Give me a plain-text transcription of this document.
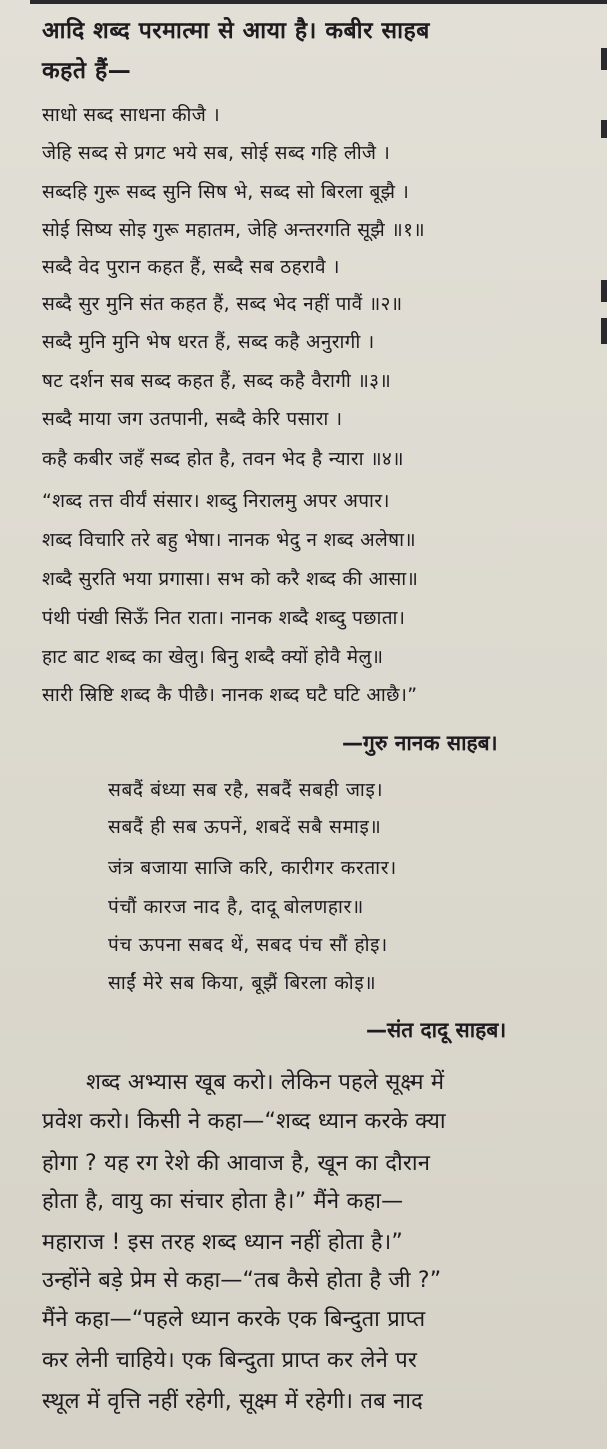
आदि शब्द परमात्मा से आया है। कबीर साहब
कहते हैं—
साधो सब्द साधना कीजै ।
जेहि सब्द से प्रगट भये सब, सोई सब्द गहि लीजै ।
सब्दहि गुरू सब्द सुनि सिष भे, सब्द सो बिरला बूझै ।
सोई सिष्य सोइ गुरू महातम, जेहि अन्तरगति सूझै ॥१॥
सब्दै वेद पुरान कहत हैं, सब्दै सब ठहरावै ।
सब्दै सुर मुनि संत कहत हैं, सब्द भेद नहीं पावैं ॥२॥
सब्दै मुनि मुनि भेष धरत हैं, सब्द कहै अनुरागी ।
षट दर्शन सब सब्द कहत हैं, सब्द कहै वैरागी ॥३॥
सब्दै माया जग उतपानी, सब्दै केरि पसारा ।
कहै कबीर जहँ सब्द होत है, तवन भेद है न्यारा ॥४॥
“शब्द तत्त वीर्यं संसार। शब्दु निरालमु अपर अपार।
शब्द विचारि तरे बहु भेषा। नानक भेदु न शब्द अलेषा॥
शब्दै सुरति भया प्रगासा। सभ को करै शब्द की आसा॥
पंथी पंखी सिऊँ नित राता। नानक शब्दै शब्दु पछाता।
हाट बाट शब्द का खेलु। बिनु शब्दै क्यों होवै मेलु॥
सारी स्रिष्टि शब्द कै पीछै। नानक शब्द घटै घटि आछै।”
—गुरु नानक साहब।
सबदैं बंध्या सब रहै, सबदैं सबही जाइ।
सबदैं ही सब ऊपनें, शबदें सबै समाइ॥
जंत्र बजाया साजि करि, कारीगर करतार।
पंचौं कारज नाद है, दादू बोलणहार॥
पंच ऊपना सबद थें, सबद पंच सौं होइ।
साईं मेरे सब किया, बूझैं बिरला कोइ॥
—संत दादू साहब।
शब्द अभ्यास खूब करो। लेकिन पहले सूक्ष्म में
प्रवेश करो। किसी ने कहा—“शब्द ध्यान करके क्या
होगा ? यह रग रेशे की आवाज है, खून का दौरान
होता है, वायु का संचार होता है।” मैंने कहा—
महाराज ! इस तरह शब्द ध्यान नहीं होता है।”
उन्होंने बड़े प्रेम से कहा—“तब कैसे होता है जी ?”
मैंने कहा—“पहले ध्यान करके एक बिन्दुता प्राप्त
कर लेनी चाहिये। एक बिन्दुता प्राप्त कर लेने पर
स्थूल में वृत्ति नहीं रहेगी, सूक्ष्म में रहेगी। तब नाद
